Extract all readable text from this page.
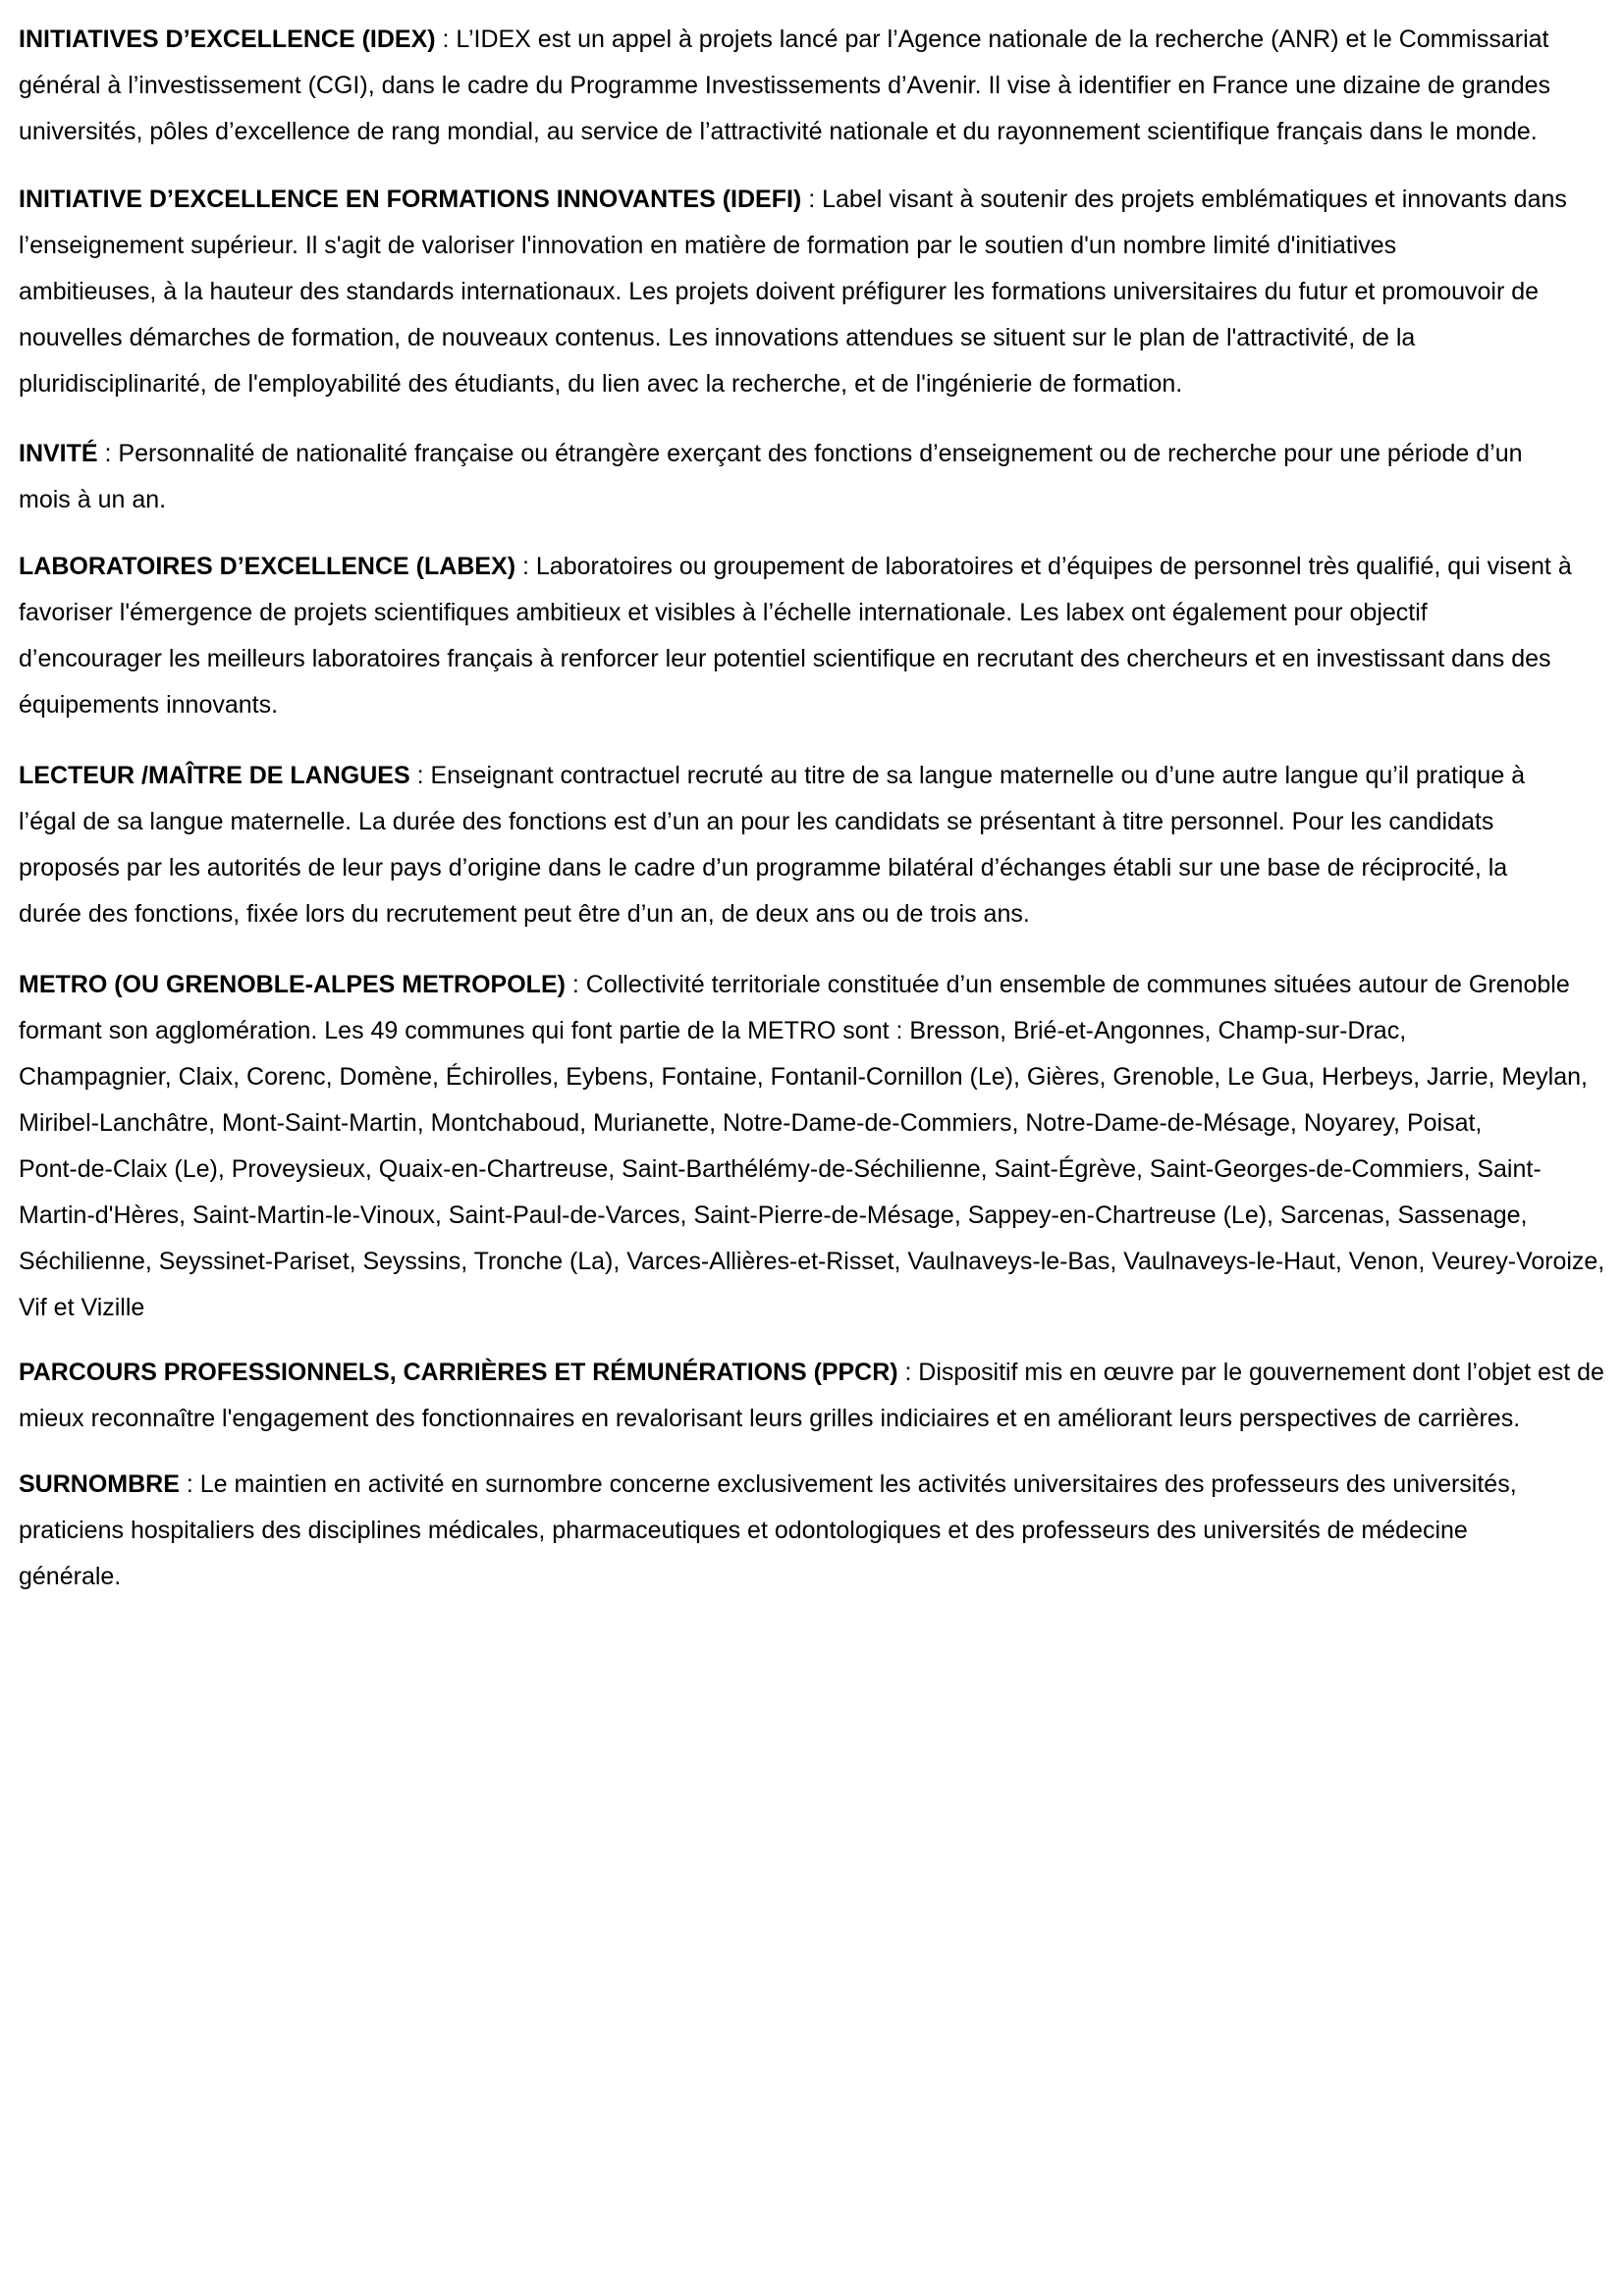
INITIATIVES D’EXCELLENCE (IDEX) : L’IDEX est un appel à projets lancé par l’Agence nationale de la recherche (ANR) et le Commissariat
général à l’investissement (CGI), dans le cadre du Programme Investissements d’Avenir. Il vise à identifier en France une dizaine de grandes
universités, pôles d’excellence de rang mondial, au service de l’attractivité nationale et du rayonnement scientifique français dans le monde.
INITIATIVE D’EXCELLENCE EN FORMATIONS INNOVANTES (IDEFI) : Label visant à soutenir des projets emblématiques et innovants dans
l’enseignement supérieur. Il s'agit de valoriser l'innovation en matière de formation par le soutien d'un nombre limité d'initiatives
ambitieuses, à la hauteur des standards internationaux. Les projets doivent préfigurer les formations universitaires du futur et promouvoir de
nouvelles démarches de formation, de nouveaux contenus. Les innovations attendues se situent sur le plan de l'attractivité, de la
pluridisciplinarité, de l'employabilité des étudiants, du lien avec la recherche, et de l'ingénierie de formation.
INVITÉ : Personnalité de nationalité française ou étrangère exerçant des fonctions d’enseignement ou de recherche pour une période d’un
mois à un an.
LABORATOIRES D’EXCELLENCE (LABEX) : Laboratoires ou groupement de laboratoires et d’équipes de personnel très qualifié, qui visent à
favoriser l'émergence de projets scientifiques ambitieux et visibles à l’échelle internationale. Les labex ont également pour objectif
d’encourager les meilleurs laboratoires français à renforcer leur potentiel scientifique en recrutant des chercheurs et en investissant dans des
équipements innovants.
LECTEUR /MAÎTRE DE LANGUES : Enseignant contractuel recruté au titre de sa langue maternelle ou d’une autre langue qu’il pratique à
l’égal de sa langue maternelle. La durée des fonctions est d’un an pour les candidats se présentant à titre personnel. Pour les candidats
proposés par les autorités de leur pays d’origine dans le cadre d’un programme bilatéral d’échanges établi sur une base de réciprocité, la
durée des fonctions, fixée lors du recrutement peut être d’un an, de deux ans ou de trois ans.
METRO (OU GRENOBLE-ALPES METROPOLE) : Collectivité territoriale constituée d’un ensemble de communes situées autour de Grenoble
formant son agglomération. Les 49 communes qui font partie de la METRO sont : Bresson, Brié-et-Angonnes, Champ-sur-Drac,
Champagnier, Claix, Corenc, Domène, Échirolles, Eybens, Fontaine, Fontanil-Cornillon (Le), Gières, Grenoble, Le Gua, Herbeys, Jarrie, Meylan,
Miribel-Lanchâtre, Mont-Saint-Martin, Montchaboud, Murianette, Notre-Dame-de-Commiers, Notre-Dame-de-Mésage, Noyarey, Poisat,
Pont-de-Claix (Le), Proveysieux, Quaix-en-Chartreuse, Saint-Barthélémy-de-Séchilienne, Saint-Égrève, Saint-Georges-de-Commiers, Saint-
Martin-d'Hères, Saint-Martin-le-Vinoux, Saint-Paul-de-Varces, Saint-Pierre-de-Mésage, Sappey-en-Chartreuse (Le), Sarcenas, Sassenage,
Séchilienne, Seyssinet-Pariset, Seyssins, Tronche (La), Varces-Allières-et-Risset, Vaulnaveys-le-Bas, Vaulnaveys-le-Haut, Venon, Veurey-Voroize,
Vif et Vizille
PARCOURS PROFESSIONNELS, CARRIÈRES ET RÉMUNÉRATIONS (PPCR) : Dispositif mis en œuvre par le gouvernement dont l’objet est de
mieux reconnaître l'engagement des fonctionnaires en revalorisant leurs grilles indiciaires et en améliorant leurs perspectives de carrières.
SURNOMBRE : Le maintien en activité en surnombre concerne exclusivement les activités universitaires des professeurs des universités,
praticiens hospitaliers des disciplines médicales, pharmaceutiques et odontologiques et des professeurs des universités de médecine
générale.
